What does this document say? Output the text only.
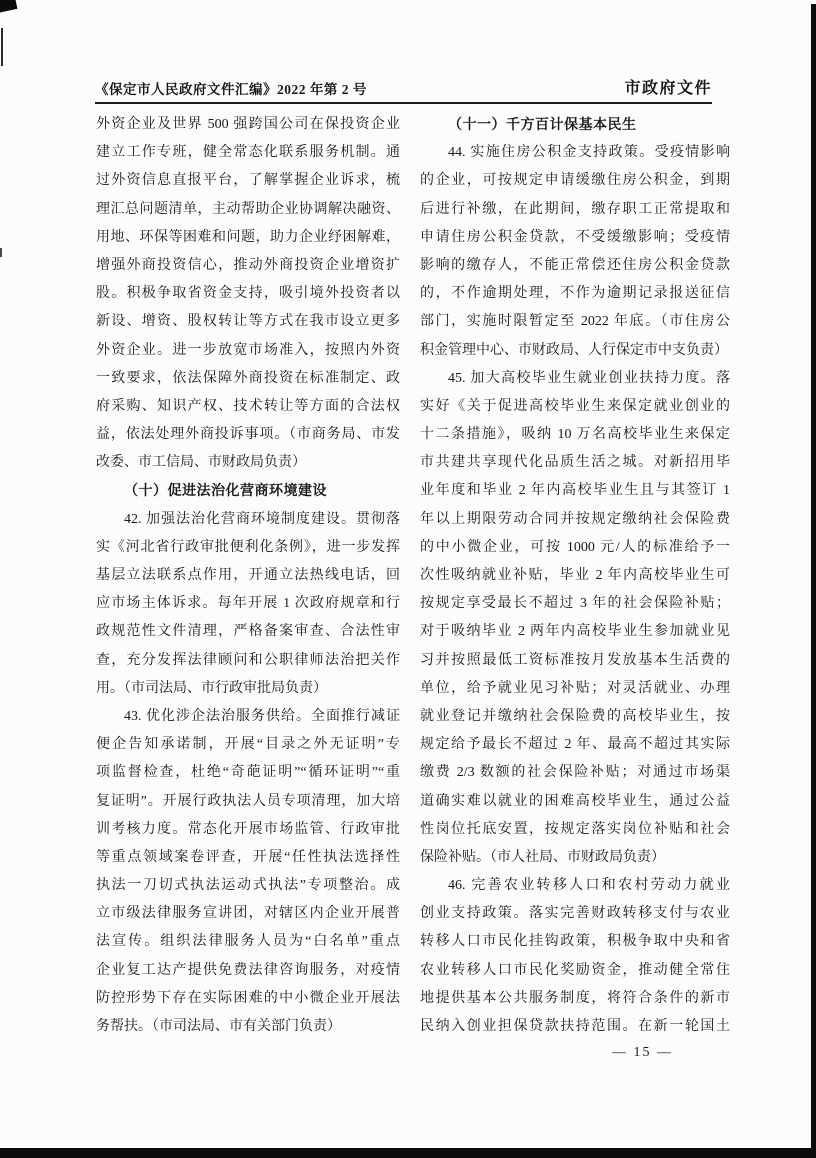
《保定市人民政府文件汇编》2022 年第 2 号	市政府文件
外资企业及世界 500 强跨国公司在保投资企业
建立工作专班，健全常态化联系服务机制。通
过外资信息直报平台，了解掌握企业诉求，梳
理汇总问题清单，主动帮助企业协调解决融资、
用地、环保等困难和问题，助力企业纾困解难，
增强外商投资信心，推动外商投资企业增资扩
股。积极争取省资金支持，吸引境外投资者以
新设、增资、股权转让等方式在我市设立更多
外资企业。进一步放宽市场准入，按照内外资
一致要求，依法保障外商投资在标准制定、政
府采购、知识产权、技术转让等方面的合法权
益，依法处理外商投诉事项。（市商务局、市发
改委、市工信局、市财政局负责）
（十）促进法治化营商环境建设
42. 加强法治化营商环境制度建设。贯彻落
实《河北省行政审批便利化条例》，进一步发挥
基层立法联系点作用，开通立法热线电话，回
应市场主体诉求。每年开展 1 次政府规章和行
政规范性文件清理，严格备案审查、合法性审
查，充分发挥法律顾问和公职律师法治把关作
用。（市司法局、市行政审批局负责）
43. 优化涉企法治服务供给。全面推行减证
便企告知承诺制，开展“目录之外无证明”专
项监督检查，杜绝“奇葩证明”“循环证明”“重
复证明”。开展行政执法人员专项清理，加大培
训考核力度。常态化开展市场监管、行政审批
等重点领域案卷评查，开展“任性执法选择性
执法一刀切式执法运动式执法”专项整治。成
立市级法律服务宣讲团，对辖区内企业开展普
法宣传。组织法律服务人员为“白名单”重点
企业复工达产提供免费法律咨询服务，对疫情
防控形势下存在实际困难的中小微企业开展法
务帮扶。（市司法局、市有关部门负责）
（十一）千方百计保基本民生
44. 实施住房公积金支持政策。受疫情影响
的企业，可按规定申请缓缴住房公积金，到期
后进行补缴，在此期间，缴存职工正常提取和
申请住房公积金贷款，不受缓缴影响；受疫情
影响的缴存人，不能正常偿还住房公积金贷款
的，不作逾期处理，不作为逾期记录报送征信
部门，实施时限暂定至 2022 年底。（市住房公
积金管理中心、市财政局、人行保定市中支负责）
45. 加大高校毕业生就业创业扶持力度。落
实好《关于促进高校毕业生来保定就业创业的
十二条措施》，吸纳 10 万名高校毕业生来保定
市共建共享现代化品质生活之城。对新招用毕
业年度和毕业 2 年内高校毕业生且与其签订 1
年以上期限劳动合同并按规定缴纳社会保险费
的中小微企业，可按 1000 元/人的标准给予一
次性吸纳就业补贴，毕业 2 年内高校毕业生可
按规定享受最长不超过 3 年的社会保险补贴；
对于吸纳毕业 2 两年内高校毕业生参加就业见
习并按照最低工资标准按月发放基本生活费的
单位，给予就业见习补贴；对灵活就业、办理
就业登记并缴纳社会保险费的高校毕业生，按
规定给予最长不超过 2 年、最高不超过其实际
缴费 2/3 数额的社会保险补贴；对通过市场渠
道确实难以就业的困难高校毕业生，通过公益
性岗位托底安置，按规定落实岗位补贴和社会
保险补贴。（市人社局、市财政局负责）
46. 完善农业转移人口和农村劳动力就业
创业支持政策。落实完善财政转移支付与农业
转移人口市民化挂钩政策，积极争取中央和省
农业转移人口市民化奖励资金，推动健全常住
地提供基本公共服务制度，将符合条件的新市
民纳入创业担保贷款扶持范围。在新一轮国土
— 15 —
